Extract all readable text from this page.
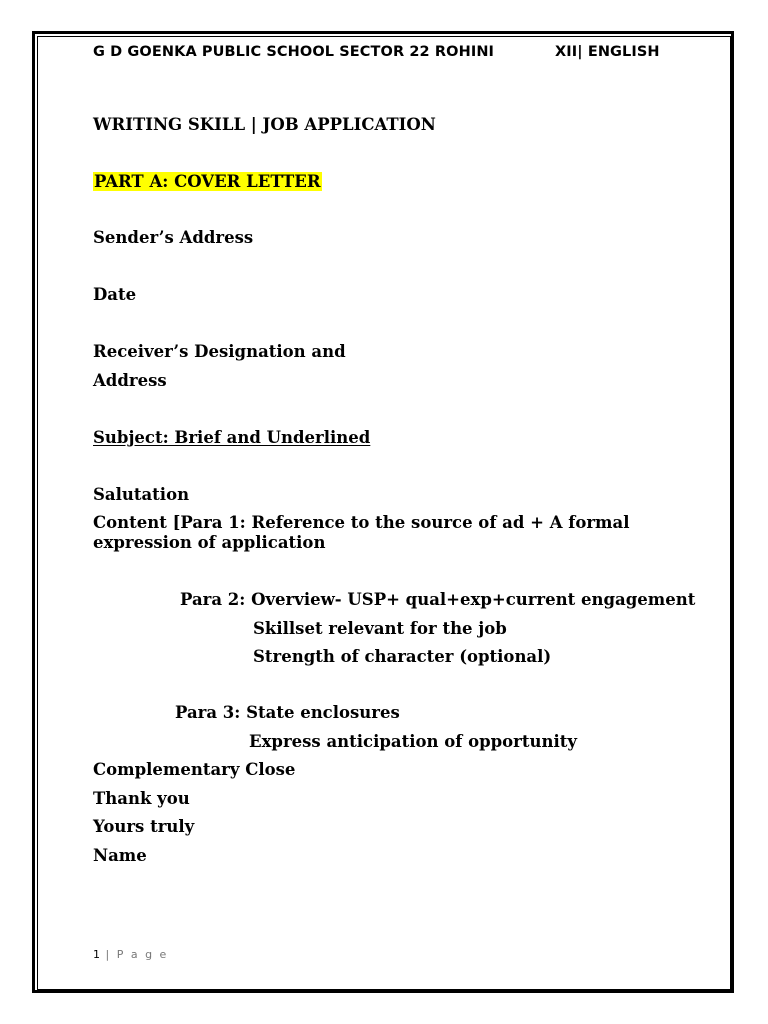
G D GOENKA PUBLIC SCHOOL SECTOR 22 ROHINI	XII| ENGLISH
WRITING SKILL | JOB APPLICATION
PART A: COVER LETTER
Sender’s Address
Date
Receiver’s Designation and
Address
Subject: Brief and Underlined
Salutation
Content [Para 1: Reference to the source of ad + A formal expression of application
Para 2: Overview- USP+ qual+exp+current engagement
Skillset relevant for the job
Strength of character (optional)
Para 3: State enclosures
Express anticipation of opportunity
Complementary Close
Thank you
Yours truly
Name
1 | P a g e
